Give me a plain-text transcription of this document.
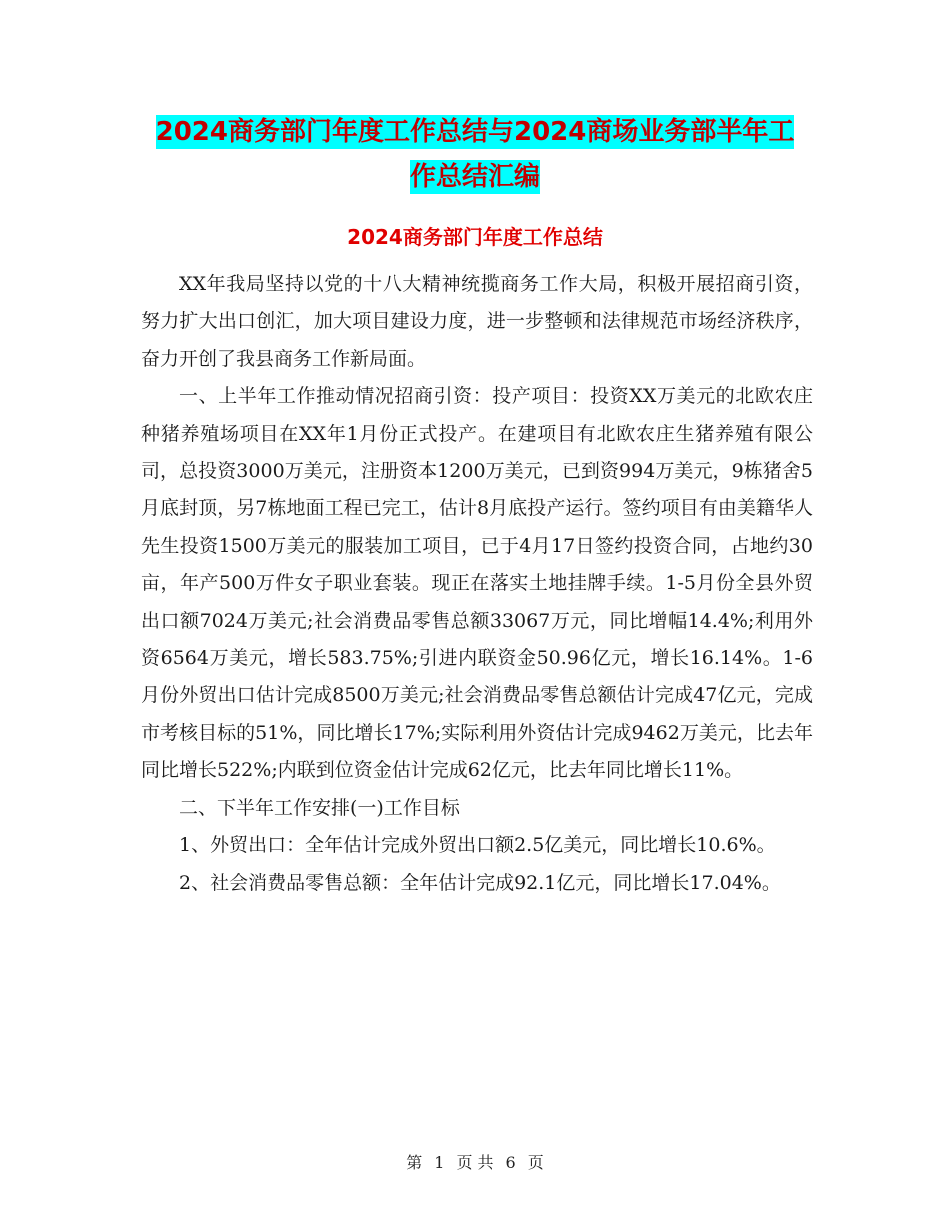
2024商务部门年度工作总结与2024商场业务部半年工
作总结汇编
2024商务部门年度工作总结

XX年我局坚持以党的十八大精神统揽商务工作大局，积极开展招商引资，努力扩大出口创汇，加大项目建设力度，进一步整顿和法律规范市场经济秩序，奋力开创了我县商务工作新局面。

一、上半年工作推动情况招商引资：投产项目：投资XX万美元的北欧农庄种猪养殖场项目在XX年1月份正式投产。在建项目有北欧农庄生猪养殖有限公司，总投资3000万美元，注册资本1200万美元，已到资994万美元，9栋猪舍5月底封顶，另7栋地面工程已完工，估计8月底投产运行。签约项目有由美籍华人先生投资1500万美元的服装加工项目，已于4月17日签约投资合同，占地约30亩，年产500万件女子职业套装。现正在落实土地挂牌手续。1-5月份全县外贸出口额7024万美元;社会消费品零售总额33067万元，同比增幅14.4%;利用外资6564万美元，增长583.75%;引进内联资金50.96亿元，增长16.14%。1-6月份外贸出口估计完成8500万美元;社会消费品零售总额估计完成47亿元，完成市考核目标的51%，同比增长17%;实际利用外资估计完成9462万美元，比去年同比增长522%;内联到位资金估计完成62亿元，比去年同比增长11%。

二、下半年工作安排(一)工作目标

1、外贸出口：全年估计完成外贸出口额2.5亿美元，同比增长10.6%。

2、社会消费品零售总额：全年估计完成92.1亿元，同比增长17.04%。

第 1 页 共 6 页
